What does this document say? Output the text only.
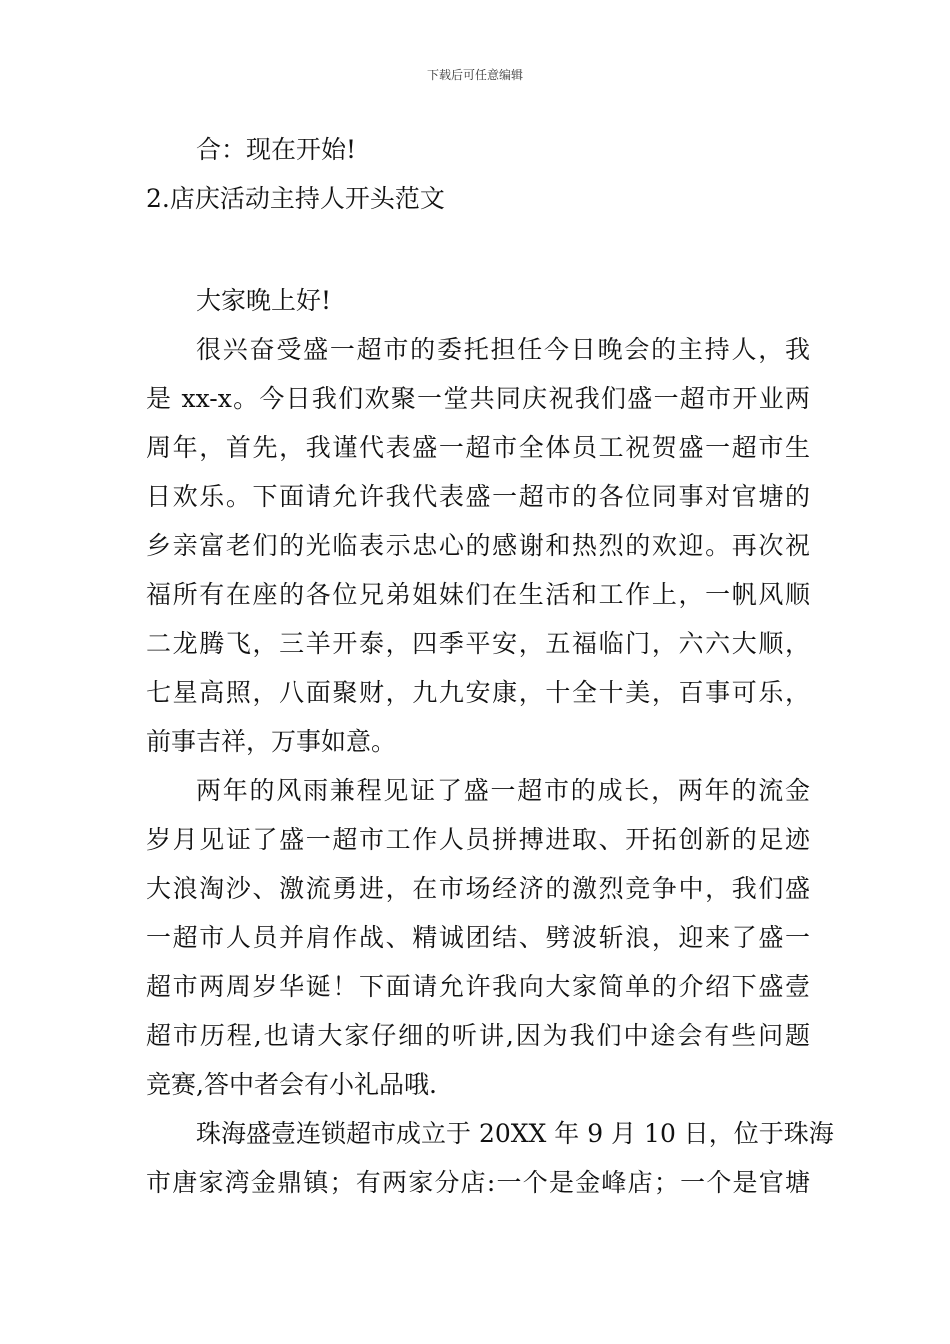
下载后可任意编辑
合：现在开始!
2.店庆活动主持人开头范文
大家晚上好!
很兴奋受盛一超市的委托担任今日晚会的主持人，我
是 xx-x。今日我们欢聚一堂共同庆祝我们盛一超市开业两
周年，首先，我谨代表盛一超市全体员工祝贺盛一超市生
日欢乐。下面请允许我代表盛一超市的各位同事对官塘的
乡亲富老们的光临表示忠心的感谢和热烈的欢迎。再次祝
福所有在座的各位兄弟姐妹们在生活和工作上，一帆风顺
二龙腾飞，三羊开泰，四季平安，五福临门，六六大顺，
七星高照，八面聚财，九九安康，十全十美，百事可乐，
前事吉祥，万事如意。
两年的风雨兼程见证了盛一超市的成长，两年的流金
岁月见证了盛一超市工作人员拼搏进取、开拓创新的足迹
大浪淘沙、激流勇进，在市场经济的激烈竞争中，我们盛
一超市人员并肩作战、精诚团结、劈波斩浪，迎来了盛一
超市两周岁华诞！下面请允许我向大家简单的介绍下盛壹
超市历程,也请大家仔细的听讲,因为我们中途会有些问题
竞赛,答中者会有小礼品哦.
珠海盛壹连锁超市成立于 20XX 年 9 月 10 日，位于珠海
市唐家湾金鼎镇；有两家分店:一个是金峰店；一个是官塘
